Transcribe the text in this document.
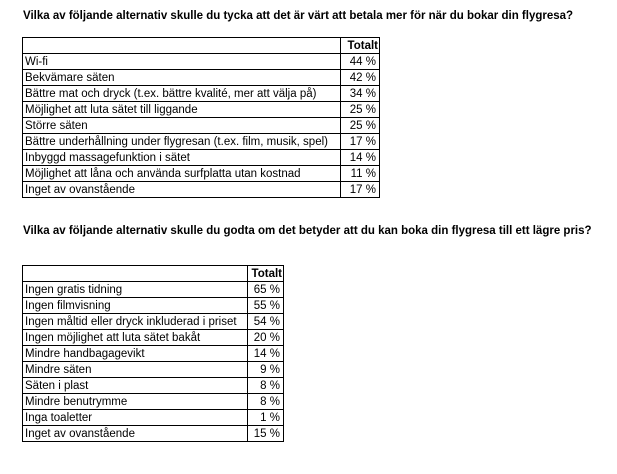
Vilka av följande alternativ skulle du tycka att det är värt att betala mer för när du bokar din flygresa?

	Totalt
Wi-fi	44 %
Bekvämare säten	42 %
Bättre mat och dryck (t.ex. bättre kvalité, mer att välja på)	34 %
Möjlighet att luta sätet till liggande	25 %
Större säten	25 %
Bättre underhållning under flygresan (t.ex. film, musik, spel)	17 %
Inbyggd massagefunktion i sätet	14 %
Möjlighet att låna och använda surfplatta utan kostnad	11 %
Inget av ovanstående	17 %

Vilka av följande alternativ skulle du godta om det betyder att du kan boka din flygresa till ett lägre pris?

	Totalt
Ingen gratis tidning	65 %
Ingen filmvisning	55 %
Ingen måltid eller dryck inkluderad i priset	54 %
Ingen möjlighet att luta sätet bakåt	20 %
Mindre handbagagevikt	14 %
Mindre säten	9 %
Säten i plast	8 %
Mindre benutrymme	8 %
Inga toaletter	1 %
Inget av ovanstående	15 %
